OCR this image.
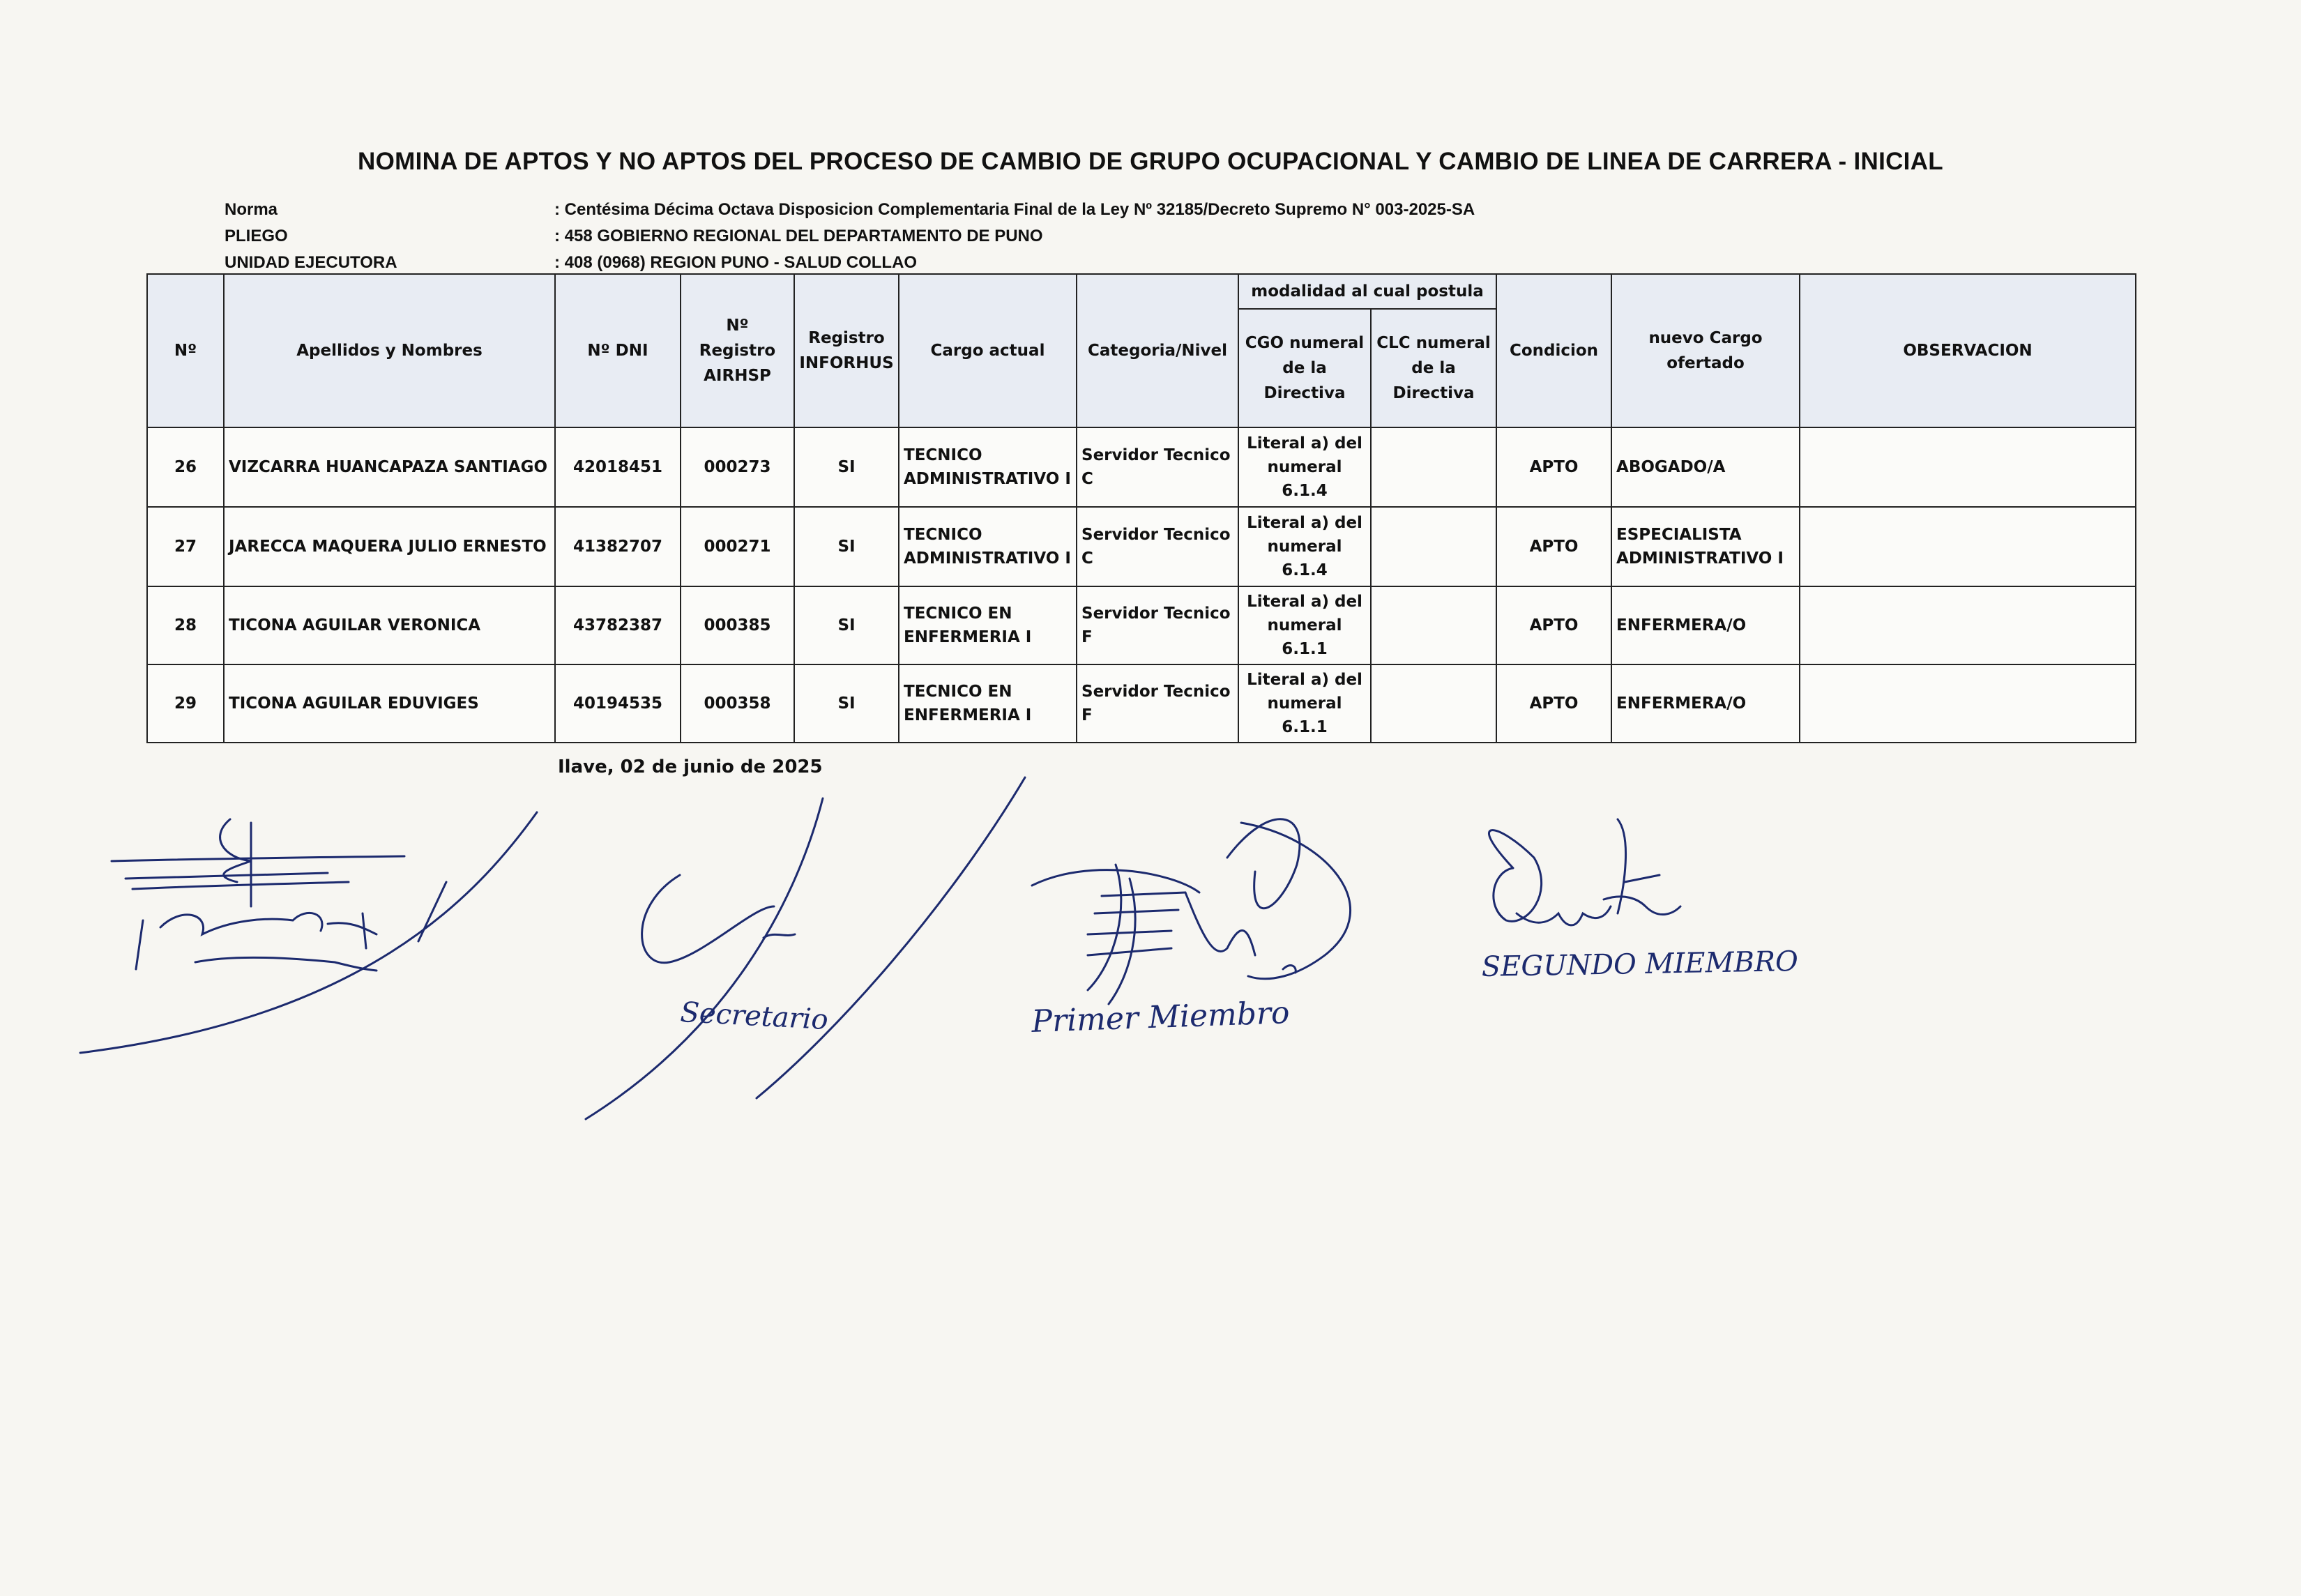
NOMINA DE APTOS Y NO APTOS DEL PROCESO DE CAMBIO DE GRUPO OCUPACIONAL Y CAMBIO DE LINEA DE CARRERA - INICIAL
Norma	: Centésima Décima Octava Disposicion Complementaria Final de la Ley Nº 32185/Decreto Supremo N° 003-2025-SA
PLIEGO	: 458 GOBIERNO REGIONAL DEL DEPARTAMENTO DE PUNO
UNIDAD EJECUTORA	: 408 (0968) REGION PUNO - SALUD COLLAO
Nº	Apellidos y Nombres	Nº DNI	Nº Registro AIRHSP	Registro INFORHUS	Cargo actual	Categoria/Nivel	modalidad al cual postula		Condicion	nuevo Cargo ofertado	OBSERVACION
							CGO numeral de la Directiva	CLC numeral de la Directiva			
26	VIZCARRA HUANCAPAZA SANTIAGO	42018451	000273	SI	TECNICO ADMINISTRATIVO I	Servidor Tecnico C	Literal a) del numeral 6.1.4		APTO	ABOGADO/A	
27	JARECCA MAQUERA JULIO ERNESTO	41382707	000271	SI	TECNICO ADMINISTRATIVO I	Servidor Tecnico C	Literal a) del numeral 6.1.4		APTO	ESPECIALISTA ADMINISTRATIVO I	
28	TICONA AGUILAR VERONICA	43782387	000385	SI	TECNICO EN ENFERMERIA I	Servidor Tecnico F	Literal a) del numeral 6.1.1		APTO	ENFERMERA/O	
29	TICONA AGUILAR EDUVIGES	40194535	000358	SI	TECNICO EN ENFERMERIA I	Servidor Tecnico F	Literal a) del numeral 6.1.1		APTO	ENFERMERA/O	
Ilave, 02 de junio de 2025
Presidente Comision
Secretario	Primer Miembro
SEGUNDO MIEMBRO
